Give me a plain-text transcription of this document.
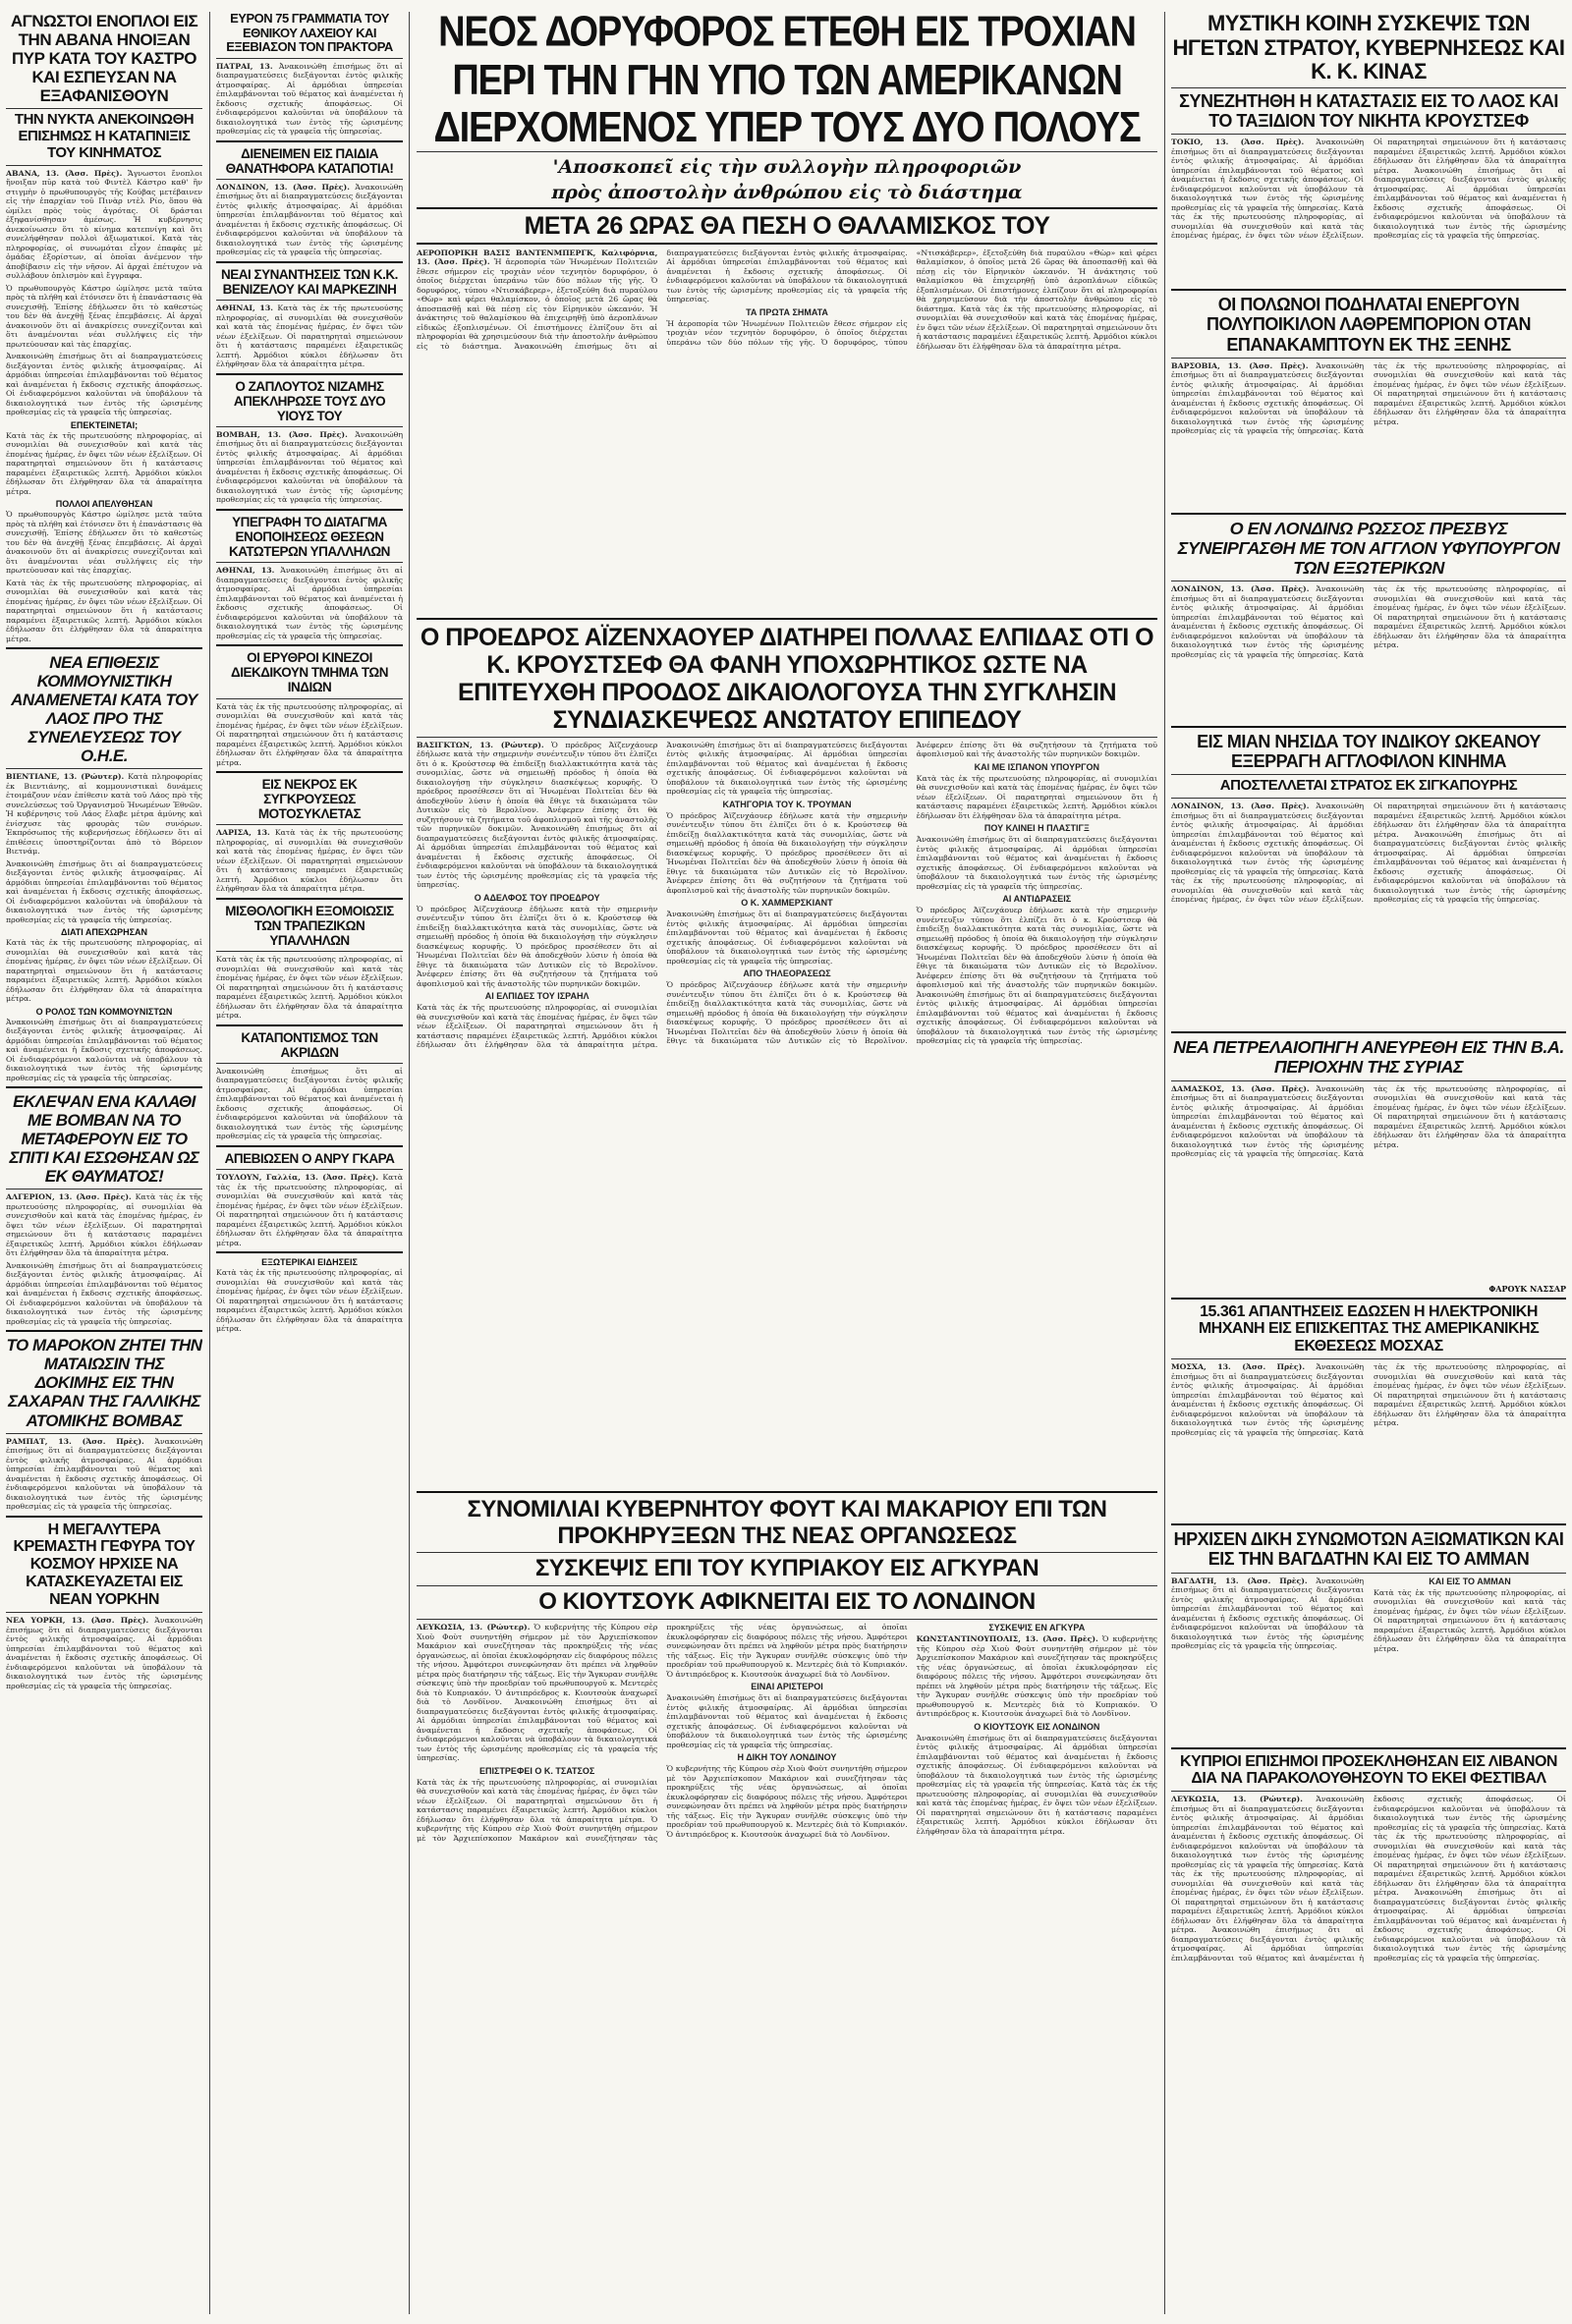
ΑΓΝΩΣΤΟΙ ΕΝΟΠΛΟΙ ΕΙΣ ΤΗΝ ΑΒΑΝΑ ΗΝΟΙΞΑΝ ΠΥΡ ΚΑΤΑ ΤΟΥ ΚΑΣΤΡΟ ΚΑΙ ΕΣΠΕΥΣΑΝ ΝΑ ΕΞΑΦΑΝΙΣΘΟΥΝ
ΤΗΝ ΝΥΚΤΑ ΑΝΕΚΟΙΝΩΘΗ ΕΠΙΣΗΜΩΣ Η ΚΑΤΑΠΝΙΞΙΣ ΤΟΥ ΚΙΝΗΜΑΤΟΣ

ΑΒΑΝΑ, 13. (Ἀσσ. Πρὲς). Ἄγνωστοι ἔνοπλοι ἤνοιξαν πῦρ κατὰ τοῦ Φιντὲλ Κάστρο καθ' ἣν στιγμὴν ὁ πρωθυπουργὸς τῆς Κούβας μετέβαινεν εἰς τὴν ἐπαρχίαν τοῦ Πινὰρ ντὲλ Ρίο, ὅπου θὰ ὡμίλει πρὸς τοὺς ἀγρότας. Οἱ δράσται ἐξηφανίσθησαν ἀμέσως. Ἡ κυβέρνησις ἀνεκοίνωσεν ὅτι τὸ κίνημα κατεπνίγη καὶ ὅτι συνελήφθησαν πολλοὶ ἀξιωματικοί. Κατὰ τὰς πληροφορίας, οἱ συνωμόται εἶχον ἐπαφὰς μὲ ὁμάδας ἐξορίστων, αἱ ὁποῖαι ἀνέμενον τὴν ἀποβίβασιν εἰς τὴν νῆσον. Αἱ ἀρχαὶ ἐπέτυχον νὰ συλλάβουν ὁπλισμὸν καὶ ἔγγραφα.

Ὁ πρωθυπουργὸς Κάστρο ὡμίλησε μετὰ ταῦτα πρὸς τὰ πλήθη καὶ ἐτόνισεν ὅτι ἡ ἐπανάστασις θὰ συνεχισθῇ. Ἐπίσης ἐδήλωσεν ὅτι τὸ καθεστὼς του δὲν θὰ ἀνεχθῇ ξένας ἐπεμβάσεις. Αἱ ἀρχαὶ ἀνακοινοῦν ὅτι αἱ ἀνακρίσεις συνεχίζονται καὶ ὅτι ἀναμένονται νέαι συλλήψεις εἰς τὴν πρωτεύουσαν καὶ τὰς ἐπαρχίας.

Ἀνακοινώθη ἐπισήμως ὅτι αἱ διαπραγματεύσεις διεξάγονται ἐντὸς φιλικῆς ἀτμοσφαίρας. Αἱ ἀρμόδιαι ὑπηρεσίαι ἐπιλαμβάνονται τοῦ θέματος καὶ ἀναμένεται ἡ ἔκδοσις σχετικῆς ἀποφάσεως. Οἱ ἐνδιαφερόμενοι καλοῦνται νὰ ὑποβάλουν τὰ δικαιολογητικά των ἐντὸς τῆς ὡρισμένης προθεσμίας εἰς τὰ γραφεῖα τῆς ὑπηρεσίας.

ΕΠΕΚΤΕΙΝΕΤΑΙ;

Κατὰ τὰς ἐκ τῆς πρωτευούσης πληροφορίας, αἱ συνομιλίαι θὰ συνεχισθοῦν καὶ κατὰ τὰς ἑπομένας ἡμέρας, ἐν ὄψει τῶν νέων ἐξελίξεων. Οἱ παρατηρηταὶ σημειώνουν ὅτι ἡ κατάστασις παραμένει ἐξαιρετικῶς λεπτή. Ἀρμόδιοι κύκλοι ἐδήλωσαν ὅτι ἐλήφθησαν ὅλα τὰ ἀπαραίτητα μέτρα.

ΠΟΛΛΟΙ ΑΠΕΛΥΘΗΣΑΝ

Ὁ πρωθυπουργὸς Κάστρο ὡμίλησε μετὰ ταῦτα πρὸς τὰ πλήθη καὶ ἐτόνισεν ὅτι ἡ ἐπανάστασις θὰ συνεχισθῇ. Ἐπίσης ἐδήλωσεν ὅτι τὸ καθεστὼς του δὲν θὰ ἀνεχθῇ ξένας ἐπεμβάσεις. Αἱ ἀρχαὶ ἀνακοινοῦν ὅτι αἱ ἀνακρίσεις συνεχίζονται καὶ ὅτι ἀναμένονται νέαι συλλήψεις εἰς τὴν πρωτεύουσαν καὶ τὰς ἐπαρχίας.

Κατὰ τὰς ἐκ τῆς πρωτευούσης πληροφορίας, αἱ συνομιλίαι θὰ συνεχισθοῦν καὶ κατὰ τὰς ἑπομένας ἡμέρας, ἐν ὄψει τῶν νέων ἐξελίξεων. Οἱ παρατηρηταὶ σημειώνουν ὅτι ἡ κατάστασις παραμένει ἐξαιρετικῶς λεπτή. Ἀρμόδιοι κύκλοι ἐδήλωσαν ὅτι ἐλήφθησαν ὅλα τὰ ἀπαραίτητα μέτρα.

ΝΕΑ ΕΠΙΘΕΣΙΣ ΚΟΜΜΟΥΝΙΣΤΙΚΗ ΑΝΑΜΕΝΕΤΑΙ ΚΑΤΑ ΤΟΥ ΛΑΟΣ ΠΡΟ ΤΗΣ ΣΥΝΕΛΕΥΣΕΩΣ ΤΟΥ Ο.Η.Ε.

ΒΙΕΝΤΙΑΝΕ, 13. (Ρώυτερ). Κατὰ πληροφορίας ἐκ Βιεντιάνης, αἱ κομμουνιστικαὶ δυνάμεις ἑτοιμάζουν νέαν ἐπίθεσιν κατὰ τοῦ Λάος πρὸ τῆς συνελεύσεως τοῦ Ὀργανισμοῦ Ἡνωμένων Ἐθνῶν. Ἡ κυβέρνησις τοῦ Λάος ἔλαβε μέτρα ἀμύνης καὶ ἐνίσχυσε τὰς φρουρὰς τῶν συνόρων. Ἐκπρόσωπος τῆς κυβερνήσεως ἐδήλωσεν ὅτι αἱ ἐπιθέσεις ὑποστηρίζονται ἀπὸ τὸ Βόρειον Βιετνάμ.

Ἀνακοινώθη ἐπισήμως ὅτι αἱ διαπραγματεύσεις διεξάγονται ἐντὸς φιλικῆς ἀτμοσφαίρας. Αἱ ἀρμόδιαι ὑπηρεσίαι ἐπιλαμβάνονται τοῦ θέματος καὶ ἀναμένεται ἡ ἔκδοσις σχετικῆς ἀποφάσεως. Οἱ ἐνδιαφερόμενοι καλοῦνται νὰ ὑποβάλουν τὰ δικαιολογητικά των ἐντὸς τῆς ὡρισμένης προθεσμίας εἰς τὰ γραφεῖα τῆς ὑπηρεσίας.

ΔΙΑΤΙ ΑΠΕΧΩΡΗΣΑΝ

Κατὰ τὰς ἐκ τῆς πρωτευούσης πληροφορίας, αἱ συνομιλίαι θὰ συνεχισθοῦν καὶ κατὰ τὰς ἑπομένας ἡμέρας, ἐν ὄψει τῶν νέων ἐξελίξεων. Οἱ παρατηρηταὶ σημειώνουν ὅτι ἡ κατάστασις παραμένει ἐξαιρετικῶς λεπτή. Ἀρμόδιοι κύκλοι ἐδήλωσαν ὅτι ἐλήφθησαν ὅλα τὰ ἀπαραίτητα μέτρα.

Ο ΡΟΛΟΣ ΤΩΝ ΚΟΜΜΟΥΝΙΣΤΩΝ

Ἀνακοινώθη ἐπισήμως ὅτι αἱ διαπραγματεύσεις διεξάγονται ἐντὸς φιλικῆς ἀτμοσφαίρας. Αἱ ἀρμόδιαι ὑπηρεσίαι ἐπιλαμβάνονται τοῦ θέματος καὶ ἀναμένεται ἡ ἔκδοσις σχετικῆς ἀποφάσεως. Οἱ ἐνδιαφερόμενοι καλοῦνται νὰ ὑποβάλουν τὰ δικαιολογητικά των ἐντὸς τῆς ὡρισμένης προθεσμίας εἰς τὰ γραφεῖα τῆς ὑπηρεσίας.

ΕΚΛΕΨΑΝ ΕΝΑ ΚΑΛΑΘΙ ΜΕ ΒΟΜΒΑΝ ΝΑ ΤΟ ΜΕΤΑΦΕΡΟΥΝ ΕΙΣ ΤΟ ΣΠΙΤΙ ΚΑΙ ΕΣΩΘΗΣΑΝ ΩΣ ΕΚ ΘΑΥΜΑΤΟΣ!

ΑΛΓΕΡΙΟΝ, 13. (Ἀσσ. Πρὲς). Κατὰ τὰς ἐκ τῆς πρωτευούσης πληροφορίας, αἱ συνομιλίαι θὰ συνεχισθοῦν καὶ κατὰ τὰς ἑπομένας ἡμέρας, ἐν ὄψει τῶν νέων ἐξελίξεων. Οἱ παρατηρηταὶ σημειώνουν ὅτι ἡ κατάστασις παραμένει ἐξαιρετικῶς λεπτή. Ἀρμόδιοι κύκλοι ἐδήλωσαν ὅτι ἐλήφθησαν ὅλα τὰ ἀπαραίτητα μέτρα.

Ἀνακοινώθη ἐπισήμως ὅτι αἱ διαπραγματεύσεις διεξάγονται ἐντὸς φιλικῆς ἀτμοσφαίρας. Αἱ ἀρμόδιαι ὑπηρεσίαι ἐπιλαμβάνονται τοῦ θέματος καὶ ἀναμένεται ἡ ἔκδοσις σχετικῆς ἀποφάσεως. Οἱ ἐνδιαφερόμενοι καλοῦνται νὰ ὑποβάλουν τὰ δικαιολογητικά των ἐντὸς τῆς ὡρισμένης προθεσμίας εἰς τὰ γραφεῖα τῆς ὑπηρεσίας.

ΤΟ ΜΑΡΟΚΟΝ ΖΗΤΕΙ ΤΗΝ ΜΑΤΑΙΩΣΙΝ ΤΗΣ ΔΟΚΙΜΗΣ ΕΙΣ ΤΗΝ ΣΑΧΑΡΑΝ ΤΗΣ ΓΑΛΛΙΚΗΣ ΑΤΟΜΙΚΗΣ ΒΟΜΒΑΣ

ΡΑΜΠΑΤ, 13. (Ἀσσ. Πρὲς). Ἀνακοινώθη ἐπισήμως ὅτι αἱ διαπραγματεύσεις διεξάγονται ἐντὸς φιλικῆς ἀτμοσφαίρας. Αἱ ἀρμόδιαι ὑπηρεσίαι ἐπιλαμβάνονται τοῦ θέματος καὶ ἀναμένεται ἡ ἔκδοσις σχετικῆς ἀποφάσεως. Οἱ ἐνδιαφερόμενοι καλοῦνται νὰ ὑποβάλουν τὰ δικαιολογητικά των ἐντὸς τῆς ὡρισμένης προθεσμίας εἰς τὰ γραφεῖα τῆς ὑπηρεσίας.

Η ΜΕΓΑΛΥΤΕΡΑ ΚΡΕΜΑΣΤΗ ΓΕΦΥΡΑ ΤΟΥ ΚΟΣΜΟΥ ΗΡΧΙΣΕ ΝΑ ΚΑΤΑΣΚΕΥΑΖΕΤΑΙ ΕΙΣ ΝΕΑΝ ΥΟΡΚΗΝ

ΝΕΑ ΥΟΡΚΗ, 13. (Ἀσσ. Πρὲς). Ἀνακοινώθη ἐπισήμως ὅτι αἱ διαπραγματεύσεις διεξάγονται ἐντὸς φιλικῆς ἀτμοσφαίρας. Αἱ ἀρμόδιαι ὑπηρεσίαι ἐπιλαμβάνονται τοῦ θέματος καὶ ἀναμένεται ἡ ἔκδοσις σχετικῆς ἀποφάσεως. Οἱ ἐνδιαφερόμενοι καλοῦνται νὰ ὑποβάλουν τὰ δικαιολογητικά των ἐντὸς τῆς ὡρισμένης προθεσμίας εἰς τὰ γραφεῖα τῆς ὑπηρεσίας.

ΕΥΡΟΝ 75 ΓΡΑΜΜΑΤΙΑ ΤΟΥ ΕΘΝΙΚΟΥ ΛΑΧΕΙΟΥ ΚΑΙ ΕΞΕΒΙΑΣΟΝ ΤΟΝ ΠΡΑΚΤΟΡΑ

ΠΑΤΡΑΙ, 13. Ἀνακοινώθη ἐπισήμως ὅτι αἱ διαπραγματεύσεις διεξάγονται ἐντὸς φιλικῆς ἀτμοσφαίρας. Αἱ ἀρμόδιαι ὑπηρεσίαι ἐπιλαμβάνονται τοῦ θέματος καὶ ἀναμένεται ἡ ἔκδοσις σχετικῆς ἀποφάσεως. Οἱ ἐνδιαφερόμενοι καλοῦνται νὰ ὑποβάλουν τὰ δικαιολογητικά των ἐντὸς τῆς ὡρισμένης προθεσμίας εἰς τὰ γραφεῖα τῆς ὑπηρεσίας.

ΔΙΕΝΕΙΜΕΝ ΕΙΣ ΠΑΙΔΙΑ ΘΑΝΑΤΗΦΟΡΑ ΚΑΤΑΠΟΤΙΑ!

ΛΟΝΔΙΝΟΝ, 13. (Ἀσσ. Πρὲς). Ἀνακοινώθη ἐπισήμως ὅτι αἱ διαπραγματεύσεις διεξάγονται ἐντὸς φιλικῆς ἀτμοσφαίρας. Αἱ ἀρμόδιαι ὑπηρεσίαι ἐπιλαμβάνονται τοῦ θέματος καὶ ἀναμένεται ἡ ἔκδοσις σχετικῆς ἀποφάσεως. Οἱ ἐνδιαφερόμενοι καλοῦνται νὰ ὑποβάλουν τὰ δικαιολογητικά των ἐντὸς τῆς ὡρισμένης προθεσμίας εἰς τὰ γραφεῖα τῆς ὑπηρεσίας.

ΝΕΑΙ ΣΥΝΑΝΤΗΣΕΙΣ ΤΩΝ Κ.Κ. ΒΕΝΙΖΕΛΟΥ ΚΑΙ ΜΑΡΚΕΖΙΝΗ

ΑΘΗΝΑΙ, 13. Κατὰ τὰς ἐκ τῆς πρωτευούσης πληροφορίας, αἱ συνομιλίαι θὰ συνεχισθοῦν καὶ κατὰ τὰς ἑπομένας ἡμέρας, ἐν ὄψει τῶν νέων ἐξελίξεων. Οἱ παρατηρηταὶ σημειώνουν ὅτι ἡ κατάστασις παραμένει ἐξαιρετικῶς λεπτή. Ἀρμόδιοι κύκλοι ἐδήλωσαν ὅτι ἐλήφθησαν ὅλα τὰ ἀπαραίτητα μέτρα.

Ο ΖΑΠΛΟΥΤΟΣ ΝΙΖΑΜΗΣ ΑΠΕΚΛΗΡΩΣΕ ΤΟΥΣ ΔΥΟ ΥΙΟΥΣ ΤΟΥ

ΒΟΜΒΑΗ, 13. (Ἀσσ. Πρὲς). Ἀνακοινώθη ἐπισήμως ὅτι αἱ διαπραγματεύσεις διεξάγονται ἐντὸς φιλικῆς ἀτμοσφαίρας. Αἱ ἀρμόδιαι ὑπηρεσίαι ἐπιλαμβάνονται τοῦ θέματος καὶ ἀναμένεται ἡ ἔκδοσις σχετικῆς ἀποφάσεως. Οἱ ἐνδιαφερόμενοι καλοῦνται νὰ ὑποβάλουν τὰ δικαιολογητικά των ἐντὸς τῆς ὡρισμένης προθεσμίας εἰς τὰ γραφεῖα τῆς ὑπηρεσίας.

ΥΠΕΓΡΑΦΗ ΤΟ ΔΙΑΤΑΓΜΑ ΕΝΟΠΟΙΗΣΕΩΣ ΘΕΣΕΩΝ ΚΑΤΩΤΕΡΩΝ ΥΠΑΛΛΗΛΩΝ

ΑΘΗΝΑΙ, 13. Ἀνακοινώθη ἐπισήμως ὅτι αἱ διαπραγματεύσεις διεξάγονται ἐντὸς φιλικῆς ἀτμοσφαίρας. Αἱ ἀρμόδιαι ὑπηρεσίαι ἐπιλαμβάνονται τοῦ θέματος καὶ ἀναμένεται ἡ ἔκδοσις σχετικῆς ἀποφάσεως. Οἱ ἐνδιαφερόμενοι καλοῦνται νὰ ὑποβάλουν τὰ δικαιολογητικά των ἐντὸς τῆς ὡρισμένης προθεσμίας εἰς τὰ γραφεῖα τῆς ὑπηρεσίας.

ΟΙ ΕΡΥΘΡΟΙ ΚΙΝΕΖΟΙ ΔΙΕΚΔΙΚΟΥΝ ΤΜΗΜΑ ΤΩΝ ΙΝΔΙΩΝ

Κατὰ τὰς ἐκ τῆς πρωτευούσης πληροφορίας, αἱ συνομιλίαι θὰ συνεχισθοῦν καὶ κατὰ τὰς ἑπομένας ἡμέρας, ἐν ὄψει τῶν νέων ἐξελίξεων. Οἱ παρατηρηταὶ σημειώνουν ὅτι ἡ κατάστασις παραμένει ἐξαιρετικῶς λεπτή. Ἀρμόδιοι κύκλοι ἐδήλωσαν ὅτι ἐλήφθησαν ὅλα τὰ ἀπαραίτητα μέτρα.

ΕΙΣ ΝΕΚΡΟΣ ΕΚ ΣΥΓΚΡΟΥΣΕΩΣ ΜΟΤΟΣΥΚΛΕΤΑΣ

ΛΑΡΙΣΑ, 13. Κατὰ τὰς ἐκ τῆς πρωτευούσης πληροφορίας, αἱ συνομιλίαι θὰ συνεχισθοῦν καὶ κατὰ τὰς ἑπομένας ἡμέρας, ἐν ὄψει τῶν νέων ἐξελίξεων. Οἱ παρατηρηταὶ σημειώνουν ὅτι ἡ κατάστασις παραμένει ἐξαιρετικῶς λεπτή. Ἀρμόδιοι κύκλοι ἐδήλωσαν ὅτι ἐλήφθησαν ὅλα τὰ ἀπαραίτητα μέτρα.

ΜΙΣΘΟΛΟΓΙΚΗ ΕΞΟΜΟΙΩΣΙΣ ΤΩΝ ΤΡΑΠΕΖΙΚΩΝ ΥΠΑΛΛΗΛΩΝ

Κατὰ τὰς ἐκ τῆς πρωτευούσης πληροφορίας, αἱ συνομιλίαι θὰ συνεχισθοῦν καὶ κατὰ τὰς ἑπομένας ἡμέρας, ἐν ὄψει τῶν νέων ἐξελίξεων. Οἱ παρατηρηταὶ σημειώνουν ὅτι ἡ κατάστασις παραμένει ἐξαιρετικῶς λεπτή. Ἀρμόδιοι κύκλοι ἐδήλωσαν ὅτι ἐλήφθησαν ὅλα τὰ ἀπαραίτητα μέτρα.

ΚΑΤΑΠΟΝΤΙΣΜΟΣ ΤΩΝ ΑΚΡΙΔΩΝ

Ἀνακοινώθη ἐπισήμως ὅτι αἱ διαπραγματεύσεις διεξάγονται ἐντὸς φιλικῆς ἀτμοσφαίρας. Αἱ ἀρμόδιαι ὑπηρεσίαι ἐπιλαμβάνονται τοῦ θέματος καὶ ἀναμένεται ἡ ἔκδοσις σχετικῆς ἀποφάσεως. Οἱ ἐνδιαφερόμενοι καλοῦνται νὰ ὑποβάλουν τὰ δικαιολογητικά των ἐντὸς τῆς ὡρισμένης προθεσμίας εἰς τὰ γραφεῖα τῆς ὑπηρεσίας.

ΑΠΕΒΙΩΣΕΝ Ο ΑΝΡΥ ΓΚΑΡΑ

ΤΟΥΛΟΥΝ, Γαλλία, 13. (Ἀσσ. Πρὲς). Κατὰ τὰς ἐκ τῆς πρωτευούσης πληροφορίας, αἱ συνομιλίαι θὰ συνεχισθοῦν καὶ κατὰ τὰς ἑπομένας ἡμέρας, ἐν ὄψει τῶν νέων ἐξελίξεων. Οἱ παρατηρηταὶ σημειώνουν ὅτι ἡ κατάστασις παραμένει ἐξαιρετικῶς λεπτή. Ἀρμόδιοι κύκλοι ἐδήλωσαν ὅτι ἐλήφθησαν ὅλα τὰ ἀπαραίτητα μέτρα.

ΕΞΩΤΕΡΙΚΑΙ ΕΙΔΗΣΕΙΣ

Κατὰ τὰς ἐκ τῆς πρωτευούσης πληροφορίας, αἱ συνομιλίαι θὰ συνεχισθοῦν καὶ κατὰ τὰς ἑπομένας ἡμέρας, ἐν ὄψει τῶν νέων ἐξελίξεων. Οἱ παρατηρηταὶ σημειώνουν ὅτι ἡ κατάστασις παραμένει ἐξαιρετικῶς λεπτή. Ἀρμόδιοι κύκλοι ἐδήλωσαν ὅτι ἐλήφθησαν ὅλα τὰ ἀπαραίτητα μέτρα.

ΝΕΟΣ ΔΟΡΥΦΟΡΟΣ ΕΤΕΘΗ ΕΙΣ ΤΡΟΧΙΑΝ ΠΕΡΙ ΤΗΝ ΓΗΝ ΥΠΟ ΤΩΝ ΑΜΕΡΙΚΑΝΩΝ ΔΙΕΡΧΟΜΕΝΟΣ ΥΠΕΡ ΤΟΥΣ ΔΥΟ ΠΟΛΟΥΣ
'Αποσκοπεῖ εἰς τὴν συλλογὴν πληροφοριῶν
πρὸς ἀποστολὴν ἀνθρώπου εἰς τὸ διάστημα
ΜΕΤΑ 26 ΩΡΑΣ ΘΑ ΠΕΣΗ Ο ΘΑΛΑΜΙΣΚΟΣ ΤΟΥ

ΑΕΡΟΠΟΡΙΚΗ ΒΑΣΙΣ ΒΑΝΤΕΝΜΠΕΡΓΚ, Καλιφόρνια, 13. (Ἀσσ. Πρὲς). Ἡ ἀεροπορία τῶν Ἡνωμένων Πολιτειῶν ἔθεσε σήμερον εἰς τροχιὰν νέον τεχνητὸν δορυφόρον, ὁ ὁποῖος διέρχεται ὑπεράνω τῶν δύο πόλων τῆς γῆς. Ὁ δορυφόρος, τύπου «Ντισκάβερερ», ἐξετοξεύθη διὰ πυραύλου «Θὼρ» καὶ φέρει θαλαμίσκον, ὁ ὁποῖος μετὰ 26 ὥρας θὰ ἀποσπασθῇ καὶ θὰ πέσῃ εἰς τὸν Εἰρηνικὸν ὠκεανόν. Ἡ ἀνάκτησις τοῦ θαλαμίσκου θὰ ἐπιχειρηθῇ ὑπὸ ἀεροπλάνων εἰδικῶς ἐξοπλισμένων. Οἱ ἐπιστήμονες ἐλπίζουν ὅτι αἱ πληροφορίαι θὰ χρησιμεύσουν διὰ τὴν ἀποστολὴν ἀνθρώπου εἰς τὸ διάστημα. Ἀνακοινώθη ἐπισήμως ὅτι αἱ διαπραγματεύσεις διεξάγονται ἐντὸς φιλικῆς ἀτμοσφαίρας. Αἱ ἀρμόδιαι ὑπηρεσίαι ἐπιλαμβάνονται τοῦ θέματος καὶ ἀναμένεται ἡ ἔκδοσις σχετικῆς ἀποφάσεως. Οἱ ἐνδιαφερόμενοι καλοῦνται νὰ ὑποβάλουν τὰ δικαιολογητικά των ἐντὸς τῆς ὡρισμένης προθεσμίας εἰς τὰ γραφεῖα τῆς ὑπηρεσίας.
ΤΑ ΠΡΩΤΑ ΣΗΜΑΤΑ
Ἡ ἀεροπορία τῶν Ἡνωμένων Πολιτειῶν ἔθεσε σήμερον εἰς τροχιὰν νέον τεχνητὸν δορυφόρον, ὁ ὁποῖος διέρχεται ὑπεράνω τῶν δύο πόλων τῆς γῆς. Ὁ δορυφόρος, τύπου «Ντισκάβερερ», ἐξετοξεύθη διὰ πυραύλου «Θὼρ» καὶ φέρει θαλαμίσκον, ὁ ὁποῖος μετὰ 26 ὥρας θὰ ἀποσπασθῇ καὶ θὰ πέσῃ εἰς τὸν Εἰρηνικὸν ὠκεανόν. Ἡ ἀνάκτησις τοῦ θαλαμίσκου θὰ ἐπιχειρηθῇ ὑπὸ ἀεροπλάνων εἰδικῶς ἐξοπλισμένων. Οἱ ἐπιστήμονες ἐλπίζουν ὅτι αἱ πληροφορίαι θὰ χρησιμεύσουν διὰ τὴν ἀποστολὴν ἀνθρώπου εἰς τὸ διάστημα. Κατὰ τὰς ἐκ τῆς πρωτευούσης πληροφορίας, αἱ συνομιλίαι θὰ συνεχισθοῦν καὶ κατὰ τὰς ἑπομένας ἡμέρας, ἐν ὄψει τῶν νέων ἐξελίξεων. Οἱ παρατηρηταὶ σημειώνουν ὅτι ἡ κατάστασις παραμένει ἐξαιρετικῶς λεπτή. Ἀρμόδιοι κύκλοι ἐδήλωσαν ὅτι ἐλήφθησαν ὅλα τὰ ἀπαραίτητα μέτρα.

Ο ΠΡΟΕΔΡΟΣ ΑΪΖΕΝΧΑΟΥΕΡ ΔΙΑΤΗΡΕΙ ΠΟΛΛΑΣ ΕΛΠΙΔΑΣ ΟΤΙ Ο Κ. ΚΡΟΥΣΤΣΕΦ ΘΑ ΦΑΝΗ ΥΠΟΧΩΡΗΤΙΚΟΣ ΩΣΤΕ ΝΑ ΕΠΙΤΕΥΧΘΗ ΠΡΟΟΔΟΣ ΔΙΚΑΙΟΛΟΓΟΥΣΑ ΤΗΝ ΣΥΓΚΛΗΣΙΝ ΣΥΝΔΙΑΣΚΕΨΕΩΣ ΑΝΩΤΑΤΟΥ ΕΠΙΠΕΔΟΥ

ΒΑΣΙΓΚΤΩΝ, 13. (Ρώυτερ). Ὁ πρόεδρος Ἀϊζενχάουερ ἐδήλωσε κατὰ τὴν σημερινὴν συνέντευξιν τύπου ὅτι ἐλπίζει ὅτι ὁ κ. Κρούστσεφ θὰ ἐπιδείξῃ διαλλακτικότητα κατὰ τὰς συνομιλίας, ὥστε νὰ σημειωθῇ πρόοδος ἡ ὁποία θὰ δικαιολογήσῃ τὴν σύγκλησιν διασκέψεως κορυφῆς. Ὁ πρόεδρος προσέθεσεν ὅτι αἱ Ἡνωμέναι Πολιτεῖαι δὲν θὰ ἀποδεχθοῦν λύσιν ἡ ὁποία θὰ ἔθιγε τὰ δικαιώματα τῶν Δυτικῶν εἰς τὸ Βερολῖνον. Ἀνέφερεν ἐπίσης ὅτι θὰ συζητήσουν τὰ ζητήματα τοῦ ἀφοπλισμοῦ καὶ τῆς ἀναστολῆς τῶν πυρηνικῶν δοκιμῶν. Ἀνακοινώθη ἐπισήμως ὅτι αἱ διαπραγματεύσεις διεξάγονται ἐντὸς φιλικῆς ἀτμοσφαίρας. Αἱ ἀρμόδιαι ὑπηρεσίαι ἐπιλαμβάνονται τοῦ θέματος καὶ ἀναμένεται ἡ ἔκδοσις σχετικῆς ἀποφάσεως. Οἱ ἐνδιαφερόμενοι καλοῦνται νὰ ὑποβάλουν τὰ δικαιολογητικά των ἐντὸς τῆς ὡρισμένης προθεσμίας εἰς τὰ γραφεῖα τῆς ὑπηρεσίας.
Ο ΑΔΕΛΦΟΣ ΤΟΥ ΠΡΟΕΔΡΟΥ
Ὁ πρόεδρος Ἀϊζενχάουερ ἐδήλωσε κατὰ τὴν σημερινὴν συνέντευξιν τύπου ὅτι ἐλπίζει ὅτι ὁ κ. Κρούστσεφ θὰ ἐπιδείξῃ διαλλακτικότητα κατὰ τὰς συνομιλίας, ὥστε νὰ σημειωθῇ πρόοδος ἡ ὁποία θὰ δικαιολογήσῃ τὴν σύγκλησιν διασκέψεως κορυφῆς. Ὁ πρόεδρος προσέθεσεν ὅτι αἱ Ἡνωμέναι Πολιτεῖαι δὲν θὰ ἀποδεχθοῦν λύσιν ἡ ὁποία θὰ ἔθιγε τὰ δικαιώματα τῶν Δυτικῶν εἰς τὸ Βερολῖνον. Ἀνέφερεν ἐπίσης ὅτι θὰ συζητήσουν τὰ ζητήματα τοῦ ἀφοπλισμοῦ καὶ τῆς ἀναστολῆς τῶν πυρηνικῶν δοκιμῶν.
ΑΙ ΕΛΠΙΔΕΣ ΤΟΥ ΙΣΡΑΗΛ
Κατὰ τὰς ἐκ τῆς πρωτευούσης πληροφορίας, αἱ συνομιλίαι θὰ συνεχισθοῦν καὶ κατὰ τὰς ἑπομένας ἡμέρας, ἐν ὄψει τῶν νέων ἐξελίξεων. Οἱ παρατηρηταὶ σημειώνουν ὅτι ἡ κατάστασις παραμένει ἐξαιρετικῶς λεπτή. Ἀρμόδιοι κύκλοι ἐδήλωσαν ὅτι ἐλήφθησαν ὅλα τὰ ἀπαραίτητα μέτρα. Ἀνακοινώθη ἐπισήμως ὅτι αἱ διαπραγματεύσεις διεξάγονται ἐντὸς φιλικῆς ἀτμοσφαίρας. Αἱ ἀρμόδιαι ὑπηρεσίαι ἐπιλαμβάνονται τοῦ θέματος καὶ ἀναμένεται ἡ ἔκδοσις σχετικῆς ἀποφάσεως. Οἱ ἐνδιαφερόμενοι καλοῦνται νὰ ὑποβάλουν τὰ δικαιολογητικά των ἐντὸς τῆς ὡρισμένης προθεσμίας εἰς τὰ γραφεῖα τῆς ὑπηρεσίας.
ΚΑΤΗΓΟΡΙΑ ΤΟΥ Κ. ΤΡΟΥΜΑΝ
Ὁ πρόεδρος Ἀϊζενχάουερ ἐδήλωσε κατὰ τὴν σημερινὴν συνέντευξιν τύπου ὅτι ἐλπίζει ὅτι ὁ κ. Κρούστσεφ θὰ ἐπιδείξῃ διαλλακτικότητα κατὰ τὰς συνομιλίας, ὥστε νὰ σημειωθῇ πρόοδος ἡ ὁποία θὰ δικαιολογήσῃ τὴν σύγκλησιν διασκέψεως κορυφῆς. Ὁ πρόεδρος προσέθεσεν ὅτι αἱ Ἡνωμέναι Πολιτεῖαι δὲν θὰ ἀποδεχθοῦν λύσιν ἡ ὁποία θὰ ἔθιγε τὰ δικαιώματα τῶν Δυτικῶν εἰς τὸ Βερολῖνον. Ἀνέφερεν ἐπίσης ὅτι θὰ συζητήσουν τὰ ζητήματα τοῦ ἀφοπλισμοῦ καὶ τῆς ἀναστολῆς τῶν πυρηνικῶν δοκιμῶν.
Ο Κ. ΧΑΜΜΕΡΣΚΙΑΝΤ
Ἀνακοινώθη ἐπισήμως ὅτι αἱ διαπραγματεύσεις διεξάγονται ἐντὸς φιλικῆς ἀτμοσφαίρας. Αἱ ἀρμόδιαι ὑπηρεσίαι ἐπιλαμβάνονται τοῦ θέματος καὶ ἀναμένεται ἡ ἔκδοσις σχετικῆς ἀποφάσεως. Οἱ ἐνδιαφερόμενοι καλοῦνται νὰ ὑποβάλουν τὰ δικαιολογητικά των ἐντὸς τῆς ὡρισμένης προθεσμίας εἰς τὰ γραφεῖα τῆς ὑπηρεσίας.
ΑΠΟ ΤΗΛΕΟΡΑΣΕΩΣ
Ὁ πρόεδρος Ἀϊζενχάουερ ἐδήλωσε κατὰ τὴν σημερινὴν συνέντευξιν τύπου ὅτι ἐλπίζει ὅτι ὁ κ. Κρούστσεφ θὰ ἐπιδείξῃ διαλλακτικότητα κατὰ τὰς συνομιλίας, ὥστε νὰ σημειωθῇ πρόοδος ἡ ὁποία θὰ δικαιολογήσῃ τὴν σύγκλησιν διασκέψεως κορυφῆς. Ὁ πρόεδρος προσέθεσεν ὅτι αἱ Ἡνωμέναι Πολιτεῖαι δὲν θὰ ἀποδεχθοῦν λύσιν ἡ ὁποία θὰ ἔθιγε τὰ δικαιώματα τῶν Δυτικῶν εἰς τὸ Βερολῖνον. Ἀνέφερεν ἐπίσης ὅτι θὰ συζητήσουν τὰ ζητήματα τοῦ ἀφοπλισμοῦ καὶ τῆς ἀναστολῆς τῶν πυρηνικῶν δοκιμῶν.
ΚΑΙ ΜΕ ΙΣΠΑΝΟΝ ΥΠΟΥΡΓΟΝ
Κατὰ τὰς ἐκ τῆς πρωτευούσης πληροφορίας, αἱ συνομιλίαι θὰ συνεχισθοῦν καὶ κατὰ τὰς ἑπομένας ἡμέρας, ἐν ὄψει τῶν νέων ἐξελίξεων. Οἱ παρατηρηταὶ σημειώνουν ὅτι ἡ κατάστασις παραμένει ἐξαιρετικῶς λεπτή. Ἀρμόδιοι κύκλοι ἐδήλωσαν ὅτι ἐλήφθησαν ὅλα τὰ ἀπαραίτητα μέτρα.
ΠΟΥ ΚΛΙΝΕΙ Η ΠΛΑΣΤΙΓΞ
Ἀνακοινώθη ἐπισήμως ὅτι αἱ διαπραγματεύσεις διεξάγονται ἐντὸς φιλικῆς ἀτμοσφαίρας. Αἱ ἀρμόδιαι ὑπηρεσίαι ἐπιλαμβάνονται τοῦ θέματος καὶ ἀναμένεται ἡ ἔκδοσις σχετικῆς ἀποφάσεως. Οἱ ἐνδιαφερόμενοι καλοῦνται νὰ ὑποβάλουν τὰ δικαιολογητικά των ἐντὸς τῆς ὡρισμένης προθεσμίας εἰς τὰ γραφεῖα τῆς ὑπηρεσίας.
ΑΙ ΑΝΤΙΔΡΑΣΕΙΣ
Ὁ πρόεδρος Ἀϊζενχάουερ ἐδήλωσε κατὰ τὴν σημερινὴν συνέντευξιν τύπου ὅτι ἐλπίζει ὅτι ὁ κ. Κρούστσεφ θὰ ἐπιδείξῃ διαλλακτικότητα κατὰ τὰς συνομιλίας, ὥστε νὰ σημειωθῇ πρόοδος ἡ ὁποία θὰ δικαιολογήσῃ τὴν σύγκλησιν διασκέψεως κορυφῆς. Ὁ πρόεδρος προσέθεσεν ὅτι αἱ Ἡνωμέναι Πολιτεῖαι δὲν θὰ ἀποδεχθοῦν λύσιν ἡ ὁποία θὰ ἔθιγε τὰ δικαιώματα τῶν Δυτικῶν εἰς τὸ Βερολῖνον. Ἀνέφερεν ἐπίσης ὅτι θὰ συζητήσουν τὰ ζητήματα τοῦ ἀφοπλισμοῦ καὶ τῆς ἀναστολῆς τῶν πυρηνικῶν δοκιμῶν. Ἀνακοινώθη ἐπισήμως ὅτι αἱ διαπραγματεύσεις διεξάγονται ἐντὸς φιλικῆς ἀτμοσφαίρας. Αἱ ἀρμόδιαι ὑπηρεσίαι ἐπιλαμβάνονται τοῦ θέματος καὶ ἀναμένεται ἡ ἔκδοσις σχετικῆς ἀποφάσεως. Οἱ ἐνδιαφερόμενοι καλοῦνται νὰ ὑποβάλουν τὰ δικαιολογητικά των ἐντὸς τῆς ὡρισμένης προθεσμίας εἰς τὰ γραφεῖα τῆς ὑπηρεσίας.

ΣΥΝΟΜΙΛΙΑΙ ΚΥΒΕΡΝΗΤΟΥ ΦΟΥΤ ΚΑΙ ΜΑΚΑΡΙΟΥ ΕΠΙ ΤΩΝ ΠΡΟΚΗΡΥΞΕΩΝ ΤΗΣ ΝΕΑΣ ΟΡΓΑΝΩΣΕΩΣ
ΣΥΣΚΕΨΙΣ ΕΠΙ ΤΟΥ ΚΥΠΡΙΑΚΟΥ ΕΙΣ ΑΓΚΥΡΑΝ
Ο ΚΙΟΥΤΣΟΥΚ ΑΦΙΚΝΕΙΤΑΙ ΕΙΣ ΤΟ ΛΟΝΔΙΝΟΝ

ΛΕΥΚΩΣΙΑ, 13. (Ρώυτερ). Ὁ κυβερνήτης τῆς Κύπρου σὲρ Χιοὺ Φοὺτ συνηντήθη σήμερον μὲ τὸν Ἀρχιεπίσκοπον Μακάριον καὶ συνεζήτησαν τὰς προκηρύξεις τῆς νέας ὀργανώσεως, αἱ ὁποῖαι ἐκυκλοφόρησαν εἰς διαφόρους πόλεις τῆς νήσου. Ἀμφότεροι συνεφώνησαν ὅτι πρέπει νὰ ληφθοῦν μέτρα πρὸς διατήρησιν τῆς τάξεως. Εἰς τὴν Ἄγκυραν συνῆλθε σύσκεψις ὑπὸ τὴν προεδρίαν τοῦ πρωθυπουργοῦ κ. Μεντερὲς διὰ τὸ Κυπριακόν. Ὁ ἀντιπρόεδρος κ. Κιουτσοὺκ ἀναχωρεῖ διὰ τὸ Λονδῖνον. Ἀνακοινώθη ἐπισήμως ὅτι αἱ διαπραγματεύσεις διεξάγονται ἐντὸς φιλικῆς ἀτμοσφαίρας. Αἱ ἀρμόδιαι ὑπηρεσίαι ἐπιλαμβάνονται τοῦ θέματος καὶ ἀναμένεται ἡ ἔκδοσις σχετικῆς ἀποφάσεως. Οἱ ἐνδιαφερόμενοι καλοῦνται νὰ ὑποβάλουν τὰ δικαιολογητικά των ἐντὸς τῆς ὡρισμένης προθεσμίας εἰς τὰ γραφεῖα τῆς ὑπηρεσίας.
ΕΠΙΣΤΡΕΦΕΙ Ο Κ. ΤΣΑΤΣΟΣ
Κατὰ τὰς ἐκ τῆς πρωτευούσης πληροφορίας, αἱ συνομιλίαι θὰ συνεχισθοῦν καὶ κατὰ τὰς ἑπομένας ἡμέρας, ἐν ὄψει τῶν νέων ἐξελίξεων. Οἱ παρατηρηταὶ σημειώνουν ὅτι ἡ κατάστασις παραμένει ἐξαιρετικῶς λεπτή. Ἀρμόδιοι κύκλοι ἐδήλωσαν ὅτι ἐλήφθησαν ὅλα τὰ ἀπαραίτητα μέτρα. Ὁ κυβερνήτης τῆς Κύπρου σὲρ Χιοὺ Φοὺτ συνηντήθη σήμερον μὲ τὸν Ἀρχιεπίσκοπον Μακάριον καὶ συνεζήτησαν τὰς προκηρύξεις τῆς νέας ὀργανώσεως, αἱ ὁποῖαι ἐκυκλοφόρησαν εἰς διαφόρους πόλεις τῆς νήσου. Ἀμφότεροι συνεφώνησαν ὅτι πρέπει νὰ ληφθοῦν μέτρα πρὸς διατήρησιν τῆς τάξεως. Εἰς τὴν Ἄγκυραν συνῆλθε σύσκεψις ὑπὸ τὴν προεδρίαν τοῦ πρωθυπουργοῦ κ. Μεντερὲς διὰ τὸ Κυπριακόν. Ὁ ἀντιπρόεδρος κ. Κιουτσοὺκ ἀναχωρεῖ διὰ τὸ Λονδῖνον.
ΕΙΝΑΙ ΑΡΙΣΤΕΡΟΙ
Ἀνακοινώθη ἐπισήμως ὅτι αἱ διαπραγματεύσεις διεξάγονται ἐντὸς φιλικῆς ἀτμοσφαίρας. Αἱ ἀρμόδιαι ὑπηρεσίαι ἐπιλαμβάνονται τοῦ θέματος καὶ ἀναμένεται ἡ ἔκδοσις σχετικῆς ἀποφάσεως. Οἱ ἐνδιαφερόμενοι καλοῦνται νὰ ὑποβάλουν τὰ δικαιολογητικά των ἐντὸς τῆς ὡρισμένης προθεσμίας εἰς τὰ γραφεῖα τῆς ὑπηρεσίας.
Η ΔΙΚΗ ΤΟΥ ΛΟΝΔΙΝΟΥ
Ὁ κυβερνήτης τῆς Κύπρου σὲρ Χιοὺ Φοὺτ συνηντήθη σήμερον μὲ τὸν Ἀρχιεπίσκοπον Μακάριον καὶ συνεζήτησαν τὰς προκηρύξεις τῆς νέας ὀργανώσεως, αἱ ὁποῖαι ἐκυκλοφόρησαν εἰς διαφόρους πόλεις τῆς νήσου. Ἀμφότεροι συνεφώνησαν ὅτι πρέπει νὰ ληφθοῦν μέτρα πρὸς διατήρησιν τῆς τάξεως. Εἰς τὴν Ἄγκυραν συνῆλθε σύσκεψις ὑπὸ τὴν προεδρίαν τοῦ πρωθυπουργοῦ κ. Μεντερὲς διὰ τὸ Κυπριακόν. Ὁ ἀντιπρόεδρος κ. Κιουτσοὺκ ἀναχωρεῖ διὰ τὸ Λονδῖνον.
ΣΥΣΚΕΨΙΣ ΕΝ ΑΓΚΥΡΑ
ΚΩΝΣΤΑΝΤΙΝΟΥΠΟΛΙΣ, 13. (Ἀσσ. Πρὲς). Ὁ κυβερνήτης τῆς Κύπρου σὲρ Χιοὺ Φοὺτ συνηντήθη σήμερον μὲ τὸν Ἀρχιεπίσκοπον Μακάριον καὶ συνεζήτησαν τὰς προκηρύξεις τῆς νέας ὀργανώσεως, αἱ ὁποῖαι ἐκυκλοφόρησαν εἰς διαφόρους πόλεις τῆς νήσου. Ἀμφότεροι συνεφώνησαν ὅτι πρέπει νὰ ληφθοῦν μέτρα πρὸς διατήρησιν τῆς τάξεως. Εἰς τὴν Ἄγκυραν συνῆλθε σύσκεψις ὑπὸ τὴν προεδρίαν τοῦ πρωθυπουργοῦ κ. Μεντερὲς διὰ τὸ Κυπριακόν. Ὁ ἀντιπρόεδρος κ. Κιουτσοὺκ ἀναχωρεῖ διὰ τὸ Λονδῖνον.
Ο ΚΙΟΥΤΣΟΥΚ ΕΙΣ ΛΟΝΔΙΝΟΝ
Ἀνακοινώθη ἐπισήμως ὅτι αἱ διαπραγματεύσεις διεξάγονται ἐντὸς φιλικῆς ἀτμοσφαίρας. Αἱ ἀρμόδιαι ὑπηρεσίαι ἐπιλαμβάνονται τοῦ θέματος καὶ ἀναμένεται ἡ ἔκδοσις σχετικῆς ἀποφάσεως. Οἱ ἐνδιαφερόμενοι καλοῦνται νὰ ὑποβάλουν τὰ δικαιολογητικά των ἐντὸς τῆς ὡρισμένης προθεσμίας εἰς τὰ γραφεῖα τῆς ὑπηρεσίας. Κατὰ τὰς ἐκ τῆς πρωτευούσης πληροφορίας, αἱ συνομιλίαι θὰ συνεχισθοῦν καὶ κατὰ τὰς ἑπομένας ἡμέρας, ἐν ὄψει τῶν νέων ἐξελίξεων. Οἱ παρατηρηταὶ σημειώνουν ὅτι ἡ κατάστασις παραμένει ἐξαιρετικῶς λεπτή. Ἀρμόδιοι κύκλοι ἐδήλωσαν ὅτι ἐλήφθησαν ὅλα τὰ ἀπαραίτητα μέτρα.

ΜΥΣΤΙΚΗ ΚΟΙΝΗ ΣΥΣΚΕΨΙΣ ΤΩΝ ΗΓΕΤΩΝ ΣΤΡΑΤΟΥ, ΚΥΒΕΡΝΗΣΕΩΣ ΚΑΙ Κ. Κ. ΚΙΝΑΣ
ΣΥΝΕΖΗΤΗΘΗ Η ΚΑΤΑΣΤΑΣΙΣ ΕΙΣ ΤΟ ΛΑΟΣ ΚΑΙ ΤΟ ΤΑΞΙΔΙΟΝ ΤΟΥ ΝΙΚΗΤΑ ΚΡΟΥΣΤΣΕΦ

ΤΟΚΙΟ, 13. (Ἀσσ. Πρὲς). Ἀνακοινώθη ἐπισήμως ὅτι αἱ διαπραγματεύσεις διεξάγονται ἐντὸς φιλικῆς ἀτμοσφαίρας. Αἱ ἀρμόδιαι ὑπηρεσίαι ἐπιλαμβάνονται τοῦ θέματος καὶ ἀναμένεται ἡ ἔκδοσις σχετικῆς ἀποφάσεως. Οἱ ἐνδιαφερόμενοι καλοῦνται νὰ ὑποβάλουν τὰ δικαιολογητικά των ἐντὸς τῆς ὡρισμένης προθεσμίας εἰς τὰ γραφεῖα τῆς ὑπηρεσίας. Κατὰ τὰς ἐκ τῆς πρωτευούσης πληροφορίας, αἱ συνομιλίαι θὰ συνεχισθοῦν καὶ κατὰ τὰς ἑπομένας ἡμέρας, ἐν ὄψει τῶν νέων ἐξελίξεων. Οἱ παρατηρηταὶ σημειώνουν ὅτι ἡ κατάστασις παραμένει ἐξαιρετικῶς λεπτή. Ἀρμόδιοι κύκλοι ἐδήλωσαν ὅτι ἐλήφθησαν ὅλα τὰ ἀπαραίτητα μέτρα. Ἀνακοινώθη ἐπισήμως ὅτι αἱ διαπραγματεύσεις διεξάγονται ἐντὸς φιλικῆς ἀτμοσφαίρας. Αἱ ἀρμόδιαι ὑπηρεσίαι ἐπιλαμβάνονται τοῦ θέματος καὶ ἀναμένεται ἡ ἔκδοσις σχετικῆς ἀποφάσεως. Οἱ ἐνδιαφερόμενοι καλοῦνται νὰ ὑποβάλουν τὰ δικαιολογητικά των ἐντὸς τῆς ὡρισμένης προθεσμίας εἰς τὰ γραφεῖα τῆς ὑπηρεσίας.

ΟΙ ΠΟΛΩΝΟΙ ΠΟΔΗΛΑΤΑΙ ΕΝΕΡΓΟΥΝ ΠΟΛΥΠΟΙΚΙΛΟΝ ΛΑΘΡΕΜΠΟΡΙΟΝ ΟΤΑΝ ΕΠΑΝΑΚΑΜΠΤΟΥΝ ΕΚ ΤΗΣ ΞΕΝΗΣ

ΒΑΡΣΟΒΙΑ, 13. (Ἀσσ. Πρὲς). Ἀνακοινώθη ἐπισήμως ὅτι αἱ διαπραγματεύσεις διεξάγονται ἐντὸς φιλικῆς ἀτμοσφαίρας. Αἱ ἀρμόδιαι ὑπηρεσίαι ἐπιλαμβάνονται τοῦ θέματος καὶ ἀναμένεται ἡ ἔκδοσις σχετικῆς ἀποφάσεως. Οἱ ἐνδιαφερόμενοι καλοῦνται νὰ ὑποβάλουν τὰ δικαιολογητικά των ἐντὸς τῆς ὡρισμένης προθεσμίας εἰς τὰ γραφεῖα τῆς ὑπηρεσίας. Κατὰ τὰς ἐκ τῆς πρωτευούσης πληροφορίας, αἱ συνομιλίαι θὰ συνεχισθοῦν καὶ κατὰ τὰς ἑπομένας ἡμέρας, ἐν ὄψει τῶν νέων ἐξελίξεων. Οἱ παρατηρηταὶ σημειώνουν ὅτι ἡ κατάστασις παραμένει ἐξαιρετικῶς λεπτή. Ἀρμόδιοι κύκλοι ἐδήλωσαν ὅτι ἐλήφθησαν ὅλα τὰ ἀπαραίτητα μέτρα.

Ο ΕΝ ΛΟΝΔΙΝΩ ΡΩΣΣΟΣ ΠΡΕΣΒΥΣ ΣΥΝΕΙΡΓΑΣΘΗ ΜΕ ΤΟΝ ΑΓΓΛΟΝ ΥΦΥΠΟΥΡΓΟΝ ΤΩΝ ΕΞΩΤΕΡΙΚΩΝ

ΛΟΝΔΙΝΟΝ, 13. (Ἀσσ. Πρὲς). Ἀνακοινώθη ἐπισήμως ὅτι αἱ διαπραγματεύσεις διεξάγονται ἐντὸς φιλικῆς ἀτμοσφαίρας. Αἱ ἀρμόδιαι ὑπηρεσίαι ἐπιλαμβάνονται τοῦ θέματος καὶ ἀναμένεται ἡ ἔκδοσις σχετικῆς ἀποφάσεως. Οἱ ἐνδιαφερόμενοι καλοῦνται νὰ ὑποβάλουν τὰ δικαιολογητικά των ἐντὸς τῆς ὡρισμένης προθεσμίας εἰς τὰ γραφεῖα τῆς ὑπηρεσίας. Κατὰ τὰς ἐκ τῆς πρωτευούσης πληροφορίας, αἱ συνομιλίαι θὰ συνεχισθοῦν καὶ κατὰ τὰς ἑπομένας ἡμέρας, ἐν ὄψει τῶν νέων ἐξελίξεων. Οἱ παρατηρηταὶ σημειώνουν ὅτι ἡ κατάστασις παραμένει ἐξαιρετικῶς λεπτή. Ἀρμόδιοι κύκλοι ἐδήλωσαν ὅτι ἐλήφθησαν ὅλα τὰ ἀπαραίτητα μέτρα.

ΕΙΣ ΜΙΑΝ ΝΗΣΙΔΑ ΤΟΥ ΙΝΔΙΚΟΥ ΩΚΕΑΝΟΥ ΕΞΕΡΡΑΓΗ ΑΓΓΛΟΦΙΛΟΝ ΚΙΝΗΜΑ
ΑΠΟΣΤΕΛΛΕΤΑΙ ΣΤΡΑΤΟΣ ΕΚ ΣΙΓΚΑΠΟΥΡΗΣ

ΛΟΝΔΙΝΟΝ, 13. (Ἀσσ. Πρὲς). Ἀνακοινώθη ἐπισήμως ὅτι αἱ διαπραγματεύσεις διεξάγονται ἐντὸς φιλικῆς ἀτμοσφαίρας. Αἱ ἀρμόδιαι ὑπηρεσίαι ἐπιλαμβάνονται τοῦ θέματος καὶ ἀναμένεται ἡ ἔκδοσις σχετικῆς ἀποφάσεως. Οἱ ἐνδιαφερόμενοι καλοῦνται νὰ ὑποβάλουν τὰ δικαιολογητικά των ἐντὸς τῆς ὡρισμένης προθεσμίας εἰς τὰ γραφεῖα τῆς ὑπηρεσίας. Κατὰ τὰς ἐκ τῆς πρωτευούσης πληροφορίας, αἱ συνομιλίαι θὰ συνεχισθοῦν καὶ κατὰ τὰς ἑπομένας ἡμέρας, ἐν ὄψει τῶν νέων ἐξελίξεων. Οἱ παρατηρηταὶ σημειώνουν ὅτι ἡ κατάστασις παραμένει ἐξαιρετικῶς λεπτή. Ἀρμόδιοι κύκλοι ἐδήλωσαν ὅτι ἐλήφθησαν ὅλα τὰ ἀπαραίτητα μέτρα. Ἀνακοινώθη ἐπισήμως ὅτι αἱ διαπραγματεύσεις διεξάγονται ἐντὸς φιλικῆς ἀτμοσφαίρας. Αἱ ἀρμόδιαι ὑπηρεσίαι ἐπιλαμβάνονται τοῦ θέματος καὶ ἀναμένεται ἡ ἔκδοσις σχετικῆς ἀποφάσεως. Οἱ ἐνδιαφερόμενοι καλοῦνται νὰ ὑποβάλουν τὰ δικαιολογητικά των ἐντὸς τῆς ὡρισμένης προθεσμίας εἰς τὰ γραφεῖα τῆς ὑπηρεσίας.

ΝΕΑ ΠΕΤΡΕΛΑΙΟΠΗΓΗ ΑΝΕΥΡΕΘΗ ΕΙΣ ΤΗΝ Β.Α. ΠΕΡΙΟΧΗΝ ΤΗΣ ΣΥΡΙΑΣ

ΔΑΜΑΣΚΟΣ, 13. (Ἀσσ. Πρὲς). Ἀνακοινώθη ἐπισήμως ὅτι αἱ διαπραγματεύσεις διεξάγονται ἐντὸς φιλικῆς ἀτμοσφαίρας. Αἱ ἀρμόδιαι ὑπηρεσίαι ἐπιλαμβάνονται τοῦ θέματος καὶ ἀναμένεται ἡ ἔκδοσις σχετικῆς ἀποφάσεως. Οἱ ἐνδιαφερόμενοι καλοῦνται νὰ ὑποβάλουν τὰ δικαιολογητικά των ἐντὸς τῆς ὡρισμένης προθεσμίας εἰς τὰ γραφεῖα τῆς ὑπηρεσίας. Κατὰ τὰς ἐκ τῆς πρωτευούσης πληροφορίας, αἱ συνομιλίαι θὰ συνεχισθοῦν καὶ κατὰ τὰς ἑπομένας ἡμέρας, ἐν ὄψει τῶν νέων ἐξελίξεων. Οἱ παρατηρηταὶ σημειώνουν ὅτι ἡ κατάστασις παραμένει ἐξαιρετικῶς λεπτή. Ἀρμόδιοι κύκλοι ἐδήλωσαν ὅτι ἐλήφθησαν ὅλα τὰ ἀπαραίτητα μέτρα.

ΦΑΡΟΥΚ ΝΑΣΣΑΡ
15.361 ΑΠΑΝΤΗΣΕΙΣ ΕΔΩΣΕΝ Η ΗΛΕΚΤΡΟΝΙΚΗ ΜΗΧΑΝΗ ΕΙΣ ΕΠΙΣΚΕΠΤΑΣ ΤΗΣ ΑΜΕΡΙΚΑΝΙΚΗΣ ΕΚΘΕΣΕΩΣ ΜΟΣΧΑΣ

ΜΟΣΧΑ, 13. (Ἀσσ. Πρὲς). Ἀνακοινώθη ἐπισήμως ὅτι αἱ διαπραγματεύσεις διεξάγονται ἐντὸς φιλικῆς ἀτμοσφαίρας. Αἱ ἀρμόδιαι ὑπηρεσίαι ἐπιλαμβάνονται τοῦ θέματος καὶ ἀναμένεται ἡ ἔκδοσις σχετικῆς ἀποφάσεως. Οἱ ἐνδιαφερόμενοι καλοῦνται νὰ ὑποβάλουν τὰ δικαιολογητικά των ἐντὸς τῆς ὡρισμένης προθεσμίας εἰς τὰ γραφεῖα τῆς ὑπηρεσίας. Κατὰ τὰς ἐκ τῆς πρωτευούσης πληροφορίας, αἱ συνομιλίαι θὰ συνεχισθοῦν καὶ κατὰ τὰς ἑπομένας ἡμέρας, ἐν ὄψει τῶν νέων ἐξελίξεων. Οἱ παρατηρηταὶ σημειώνουν ὅτι ἡ κατάστασις παραμένει ἐξαιρετικῶς λεπτή. Ἀρμόδιοι κύκλοι ἐδήλωσαν ὅτι ἐλήφθησαν ὅλα τὰ ἀπαραίτητα μέτρα.

ΗΡΧΙΣΕΝ ΔΙΚΗ ΣΥΝΩΜΟΤΩΝ ΑΞΙΩΜΑΤΙΚΩΝ ΚΑΙ ΕΙΣ ΤΗΝ ΒΑΓΔΑΤΗΝ ΚΑΙ ΕΙΣ ΤΟ ΑΜΜΑΝ

ΒΑΓΔΑΤΗ, 13. (Ἀσσ. Πρὲς). Ἀνακοινώθη ἐπισήμως ὅτι αἱ διαπραγματεύσεις διεξάγονται ἐντὸς φιλικῆς ἀτμοσφαίρας. Αἱ ἀρμόδιαι ὑπηρεσίαι ἐπιλαμβάνονται τοῦ θέματος καὶ ἀναμένεται ἡ ἔκδοσις σχετικῆς ἀποφάσεως. Οἱ ἐνδιαφερόμενοι καλοῦνται νὰ ὑποβάλουν τὰ δικαιολογητικά των ἐντὸς τῆς ὡρισμένης προθεσμίας εἰς τὰ γραφεῖα τῆς ὑπηρεσίας.
ΚΑΙ ΕΙΣ ΤΟ ΑΜΜΑΝ
Κατὰ τὰς ἐκ τῆς πρωτευούσης πληροφορίας, αἱ συνομιλίαι θὰ συνεχισθοῦν καὶ κατὰ τὰς ἑπομένας ἡμέρας, ἐν ὄψει τῶν νέων ἐξελίξεων. Οἱ παρατηρηταὶ σημειώνουν ὅτι ἡ κατάστασις παραμένει ἐξαιρετικῶς λεπτή. Ἀρμόδιοι κύκλοι ἐδήλωσαν ὅτι ἐλήφθησαν ὅλα τὰ ἀπαραίτητα μέτρα.

ΚΥΠΡΙΟΙ ΕΠΙΣΗΜΟΙ ΠΡΟΣΕΚΛΗΘΗΣΑΝ ΕΙΣ ΛΙΒΑΝΟΝ ΔΙΑ ΝΑ ΠΑΡΑΚΟΛΟΥΘΗΣΟΥΝ ΤΟ ΕΚΕΙ ΦΕΣΤΙΒΑΛ

ΛΕΥΚΩΣΙΑ, 13. (Ρώυτερ). Ἀνακοινώθη ἐπισήμως ὅτι αἱ διαπραγματεύσεις διεξάγονται ἐντὸς φιλικῆς ἀτμοσφαίρας. Αἱ ἀρμόδιαι ὑπηρεσίαι ἐπιλαμβάνονται τοῦ θέματος καὶ ἀναμένεται ἡ ἔκδοσις σχετικῆς ἀποφάσεως. Οἱ ἐνδιαφερόμενοι καλοῦνται νὰ ὑποβάλουν τὰ δικαιολογητικά των ἐντὸς τῆς ὡρισμένης προθεσμίας εἰς τὰ γραφεῖα τῆς ὑπηρεσίας. Κατὰ τὰς ἐκ τῆς πρωτευούσης πληροφορίας, αἱ συνομιλίαι θὰ συνεχισθοῦν καὶ κατὰ τὰς ἑπομένας ἡμέρας, ἐν ὄψει τῶν νέων ἐξελίξεων. Οἱ παρατηρηταὶ σημειώνουν ὅτι ἡ κατάστασις παραμένει ἐξαιρετικῶς λεπτή. Ἀρμόδιοι κύκλοι ἐδήλωσαν ὅτι ἐλήφθησαν ὅλα τὰ ἀπαραίτητα μέτρα. Ἀνακοινώθη ἐπισήμως ὅτι αἱ διαπραγματεύσεις διεξάγονται ἐντὸς φιλικῆς ἀτμοσφαίρας. Αἱ ἀρμόδιαι ὑπηρεσίαι ἐπιλαμβάνονται τοῦ θέματος καὶ ἀναμένεται ἡ ἔκδοσις σχετικῆς ἀποφάσεως. Οἱ ἐνδιαφερόμενοι καλοῦνται νὰ ὑποβάλουν τὰ δικαιολογητικά των ἐντὸς τῆς ὡρισμένης προθεσμίας εἰς τὰ γραφεῖα τῆς ὑπηρεσίας. Κατὰ τὰς ἐκ τῆς πρωτευούσης πληροφορίας, αἱ συνομιλίαι θὰ συνεχισθοῦν καὶ κατὰ τὰς ἑπομένας ἡμέρας, ἐν ὄψει τῶν νέων ἐξελίξεων. Οἱ παρατηρηταὶ σημειώνουν ὅτι ἡ κατάστασις παραμένει ἐξαιρετικῶς λεπτή. Ἀρμόδιοι κύκλοι ἐδήλωσαν ὅτι ἐλήφθησαν ὅλα τὰ ἀπαραίτητα μέτρα. Ἀνακοινώθη ἐπισήμως ὅτι αἱ διαπραγματεύσεις διεξάγονται ἐντὸς φιλικῆς ἀτμοσφαίρας. Αἱ ἀρμόδιαι ὑπηρεσίαι ἐπιλαμβάνονται τοῦ θέματος καὶ ἀναμένεται ἡ ἔκδοσις σχετικῆς ἀποφάσεως. Οἱ ἐνδιαφερόμενοι καλοῦνται νὰ ὑποβάλουν τὰ δικαιολογητικά των ἐντὸς τῆς ὡρισμένης προθεσμίας εἰς τὰ γραφεῖα τῆς ὑπηρεσίας.
